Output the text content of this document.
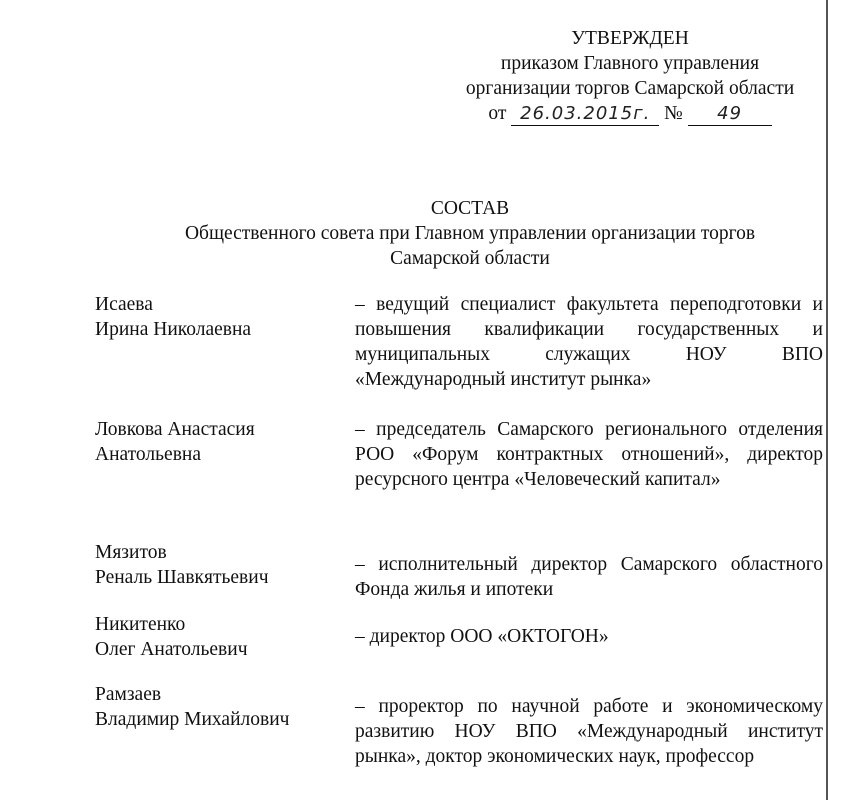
УТВЕРЖДЕН
приказом Главного управления
организации торгов Самарской области
от 26.03.2015г. № 49
СОСТАВ
Общественного совета при Главном управлении организации торгов Самарской области
Исаева
Ирина Николаевна
– ведущий специалист факультета переподготовки и повышения квалификации государственных и муниципальных служащих НОУ ВПО «Международный институт рынка»
Ловкова Анастасия
Анатольевна
– председатель Самарского регионального отделения РОО «Форум контрактных отношений», директор ресурсного центра «Человеческий капитал»
Мязитов
Реналь Шавкятьевич
– исполнительный директор Самарского областного Фонда жилья и ипотеки
Никитенко
Олег Анатольевич
– директор ООО «ОКТОГОН»
Рамзаев
Владимир Михайлович
– проректор по научной работе и экономическому развитию НОУ ВПО «Международный институт рынка», доктор экономических наук, профессор
